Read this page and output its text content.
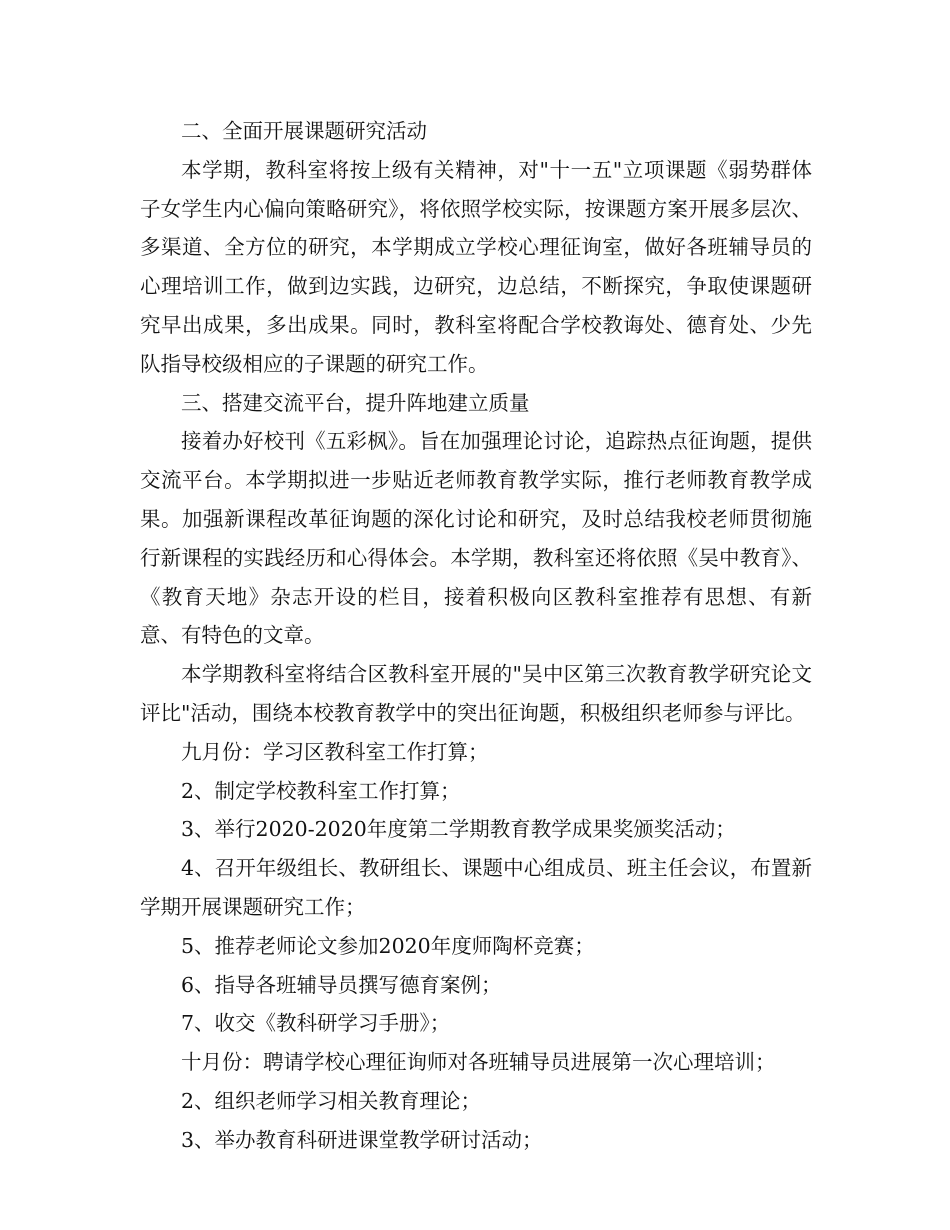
二、全面开展课题研究活动

本学期，教科室将按上级有关精神，对"十一五"立项课题《弱势群体子女学生内心偏向策略研究》，将依照学校实际，按课题方案开展多层次、多渠道、全方位的研究，本学期成立学校心理征询室，做好各班辅导员的心理培训工作，做到边实践，边研究，边总结，不断探究，争取使课题研究早出成果，多出成果。同时，教科室将配合学校教诲处、德育处、少先队指导校级相应的子课题的研究工作。

三、搭建交流平台，提升阵地建立质量

接着办好校刊《五彩枫》。旨在加强理论讨论，追踪热点征询题，提供交流平台。本学期拟进一步贴近老师教育教学实际，推行老师教育教学成果。加强新课程改革征询题的深化讨论和研究，及时总结我校老师贯彻施行新课程的实践经历和心得体会。本学期，教科室还将依照《吴中教育》、《教育天地》杂志开设的栏目，接着积极向区教科室推荐有思想、有新意、有特色的文章。

本学期教科室将结合区教科室开展的"吴中区第三次教育教学研究论文评比"活动，围绕本校教育教学中的突出征询题，积极组织老师参与评比。

九月份：学习区教科室工作打算；

2、制定学校教科室工作打算；

3、举行2020-2020年度第二学期教育教学成果奖颁奖活动；

4、召开年级组长、教研组长、课题中心组成员、班主任会议，布置新学期开展课题研究工作；

5、推荐老师论文参加2020年度师陶杯竞赛；

6、指导各班辅导员撰写德育案例；

7、收交《教科研学习手册》；

十月份：聘请学校心理征询师对各班辅导员进展第一次心理培训；

2、组织老师学习相关教育理论；

3、举办教育科研进课堂教学研讨活动；
